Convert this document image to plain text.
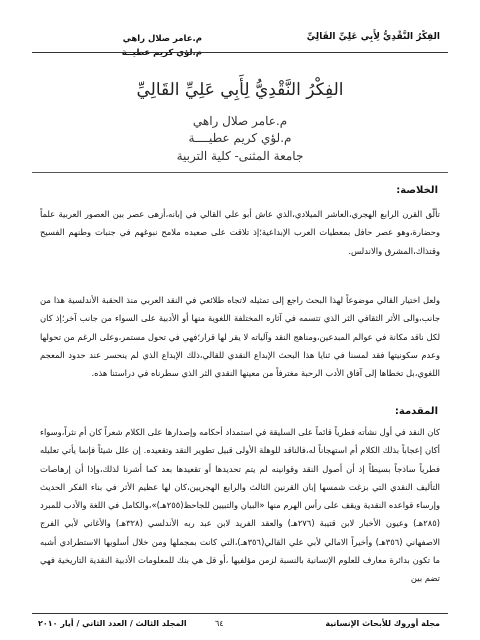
الفِكْرُ النَّقْدِيُّ لِأَبِي عَلِيِّ القَالِيِّ
م.عامر صلال راهي
م.لؤي كريم عطيــة
الفِكْرُ النَّقْدِيُّ لِأَبِي عَلِيِّ القَالِيِّ
م.عامر صلال راهي
م.لؤي كريم عطيــــة
جامعة المثنى- كلية التربية
الخلاصة:
تألّق القرن الرابع الهجري،العاشر الميلادي،الذي عاش أبو علي القالي في إبانه،أزهى عصر بين العصور العربية علماً وحضارة،وهو عصر حافل بمعطيات العرب الإبداعية؛إذ تلاقت على صعيده ملامح نبوغهم في جنبات وطنهم الفسيح وقتذاك،المشرق والاندلس.
ولعل اختيار القالي موضوعاً لهذا البحث راجع إلى تمثيله لاتجاه طلائعي في النقد العربي منذ الحقبة الأندلسية هذا من جانب،والى الأثر الثقافي الثر الذي تتسمه في آثاره المختلفة اللغوية منها أو الأدبية على السواء من جانب آخر؛إذ كان لكل ناقد مكانة في عوالم المبدعين،ومناهج النقد وآلياته لا يقر لها قرار؛فهي في تحول مستمر،وعلى الرغم من تحولها وعدم سكونيتها فقد لمسنا في ثنايا هذا البحث الإبداع النقدي للقالي،ذلك الإبداع الذي لم ينحسر عند حدود المعجم اللغوي،بل تخطاها إلى آفاق الأدب الرحبة مغترفاً من معينها النقدي الثر الذي سطرناه في دراستنا هذه.
المقدمة:
كان النقد في أول نشأته فطرياً قائماً على السليقة في استمداد أحكامه وإصدارها على الكلام شعراً كان أم نثراً،وسواء أكان إعجاباً بذلك الكلام أم استهجاناً له،فالناقد للوهلة الأولى قبيل تطوير النقد وتقعيده. إن علل شيئاً فإنما يأتي تعليله فطرياً ساذجاً بسيطاً إذ أن أصول النقد وقوانينه لم يتم تحديدها أو تقعيدها بعد كما أشرنا لذلك،وإذا أن إرهاصات التأليف النقدي التي بزغت شمسها إبان القرنين الثالث والرابع الهجريين،كان لها عظيم الأثر في بناء الفكر الحديث وإرساء قواعده النقدية ويقف على رأس الهرم منها «البيان والتبيين للجاحظ(٢٥٥هـ)»،والكامل في اللغة والأدب للمبرد (٢٨٥هـ) وعيون الأخبار لابن قتيبة (٢٧٦هـ) والعقد الفريد لابن عبد ربه الأندلسي (٣٢٨هـ) والأغاني لأبي الفرج الاصفهاني (٣٥٦هـ) وأخيراً الامالي لأبي علي القالي(٣٥٦هـ)،التي كانت بمجملها ومن خلال أسلوبها الاستطرادي أشبه ما تكون بدائرة معارف للعلوم الإنسانية بالنسبة لزمن مؤلفيها ،أو قل هي بنك للمعلومات الأدبية النقدية التاريخية فهي تضم بين
مجلة أوروك للأبحاث الإنسانية
٦٤
المجلد الثالث / العدد الثاني / أيار ٢٠١٠
